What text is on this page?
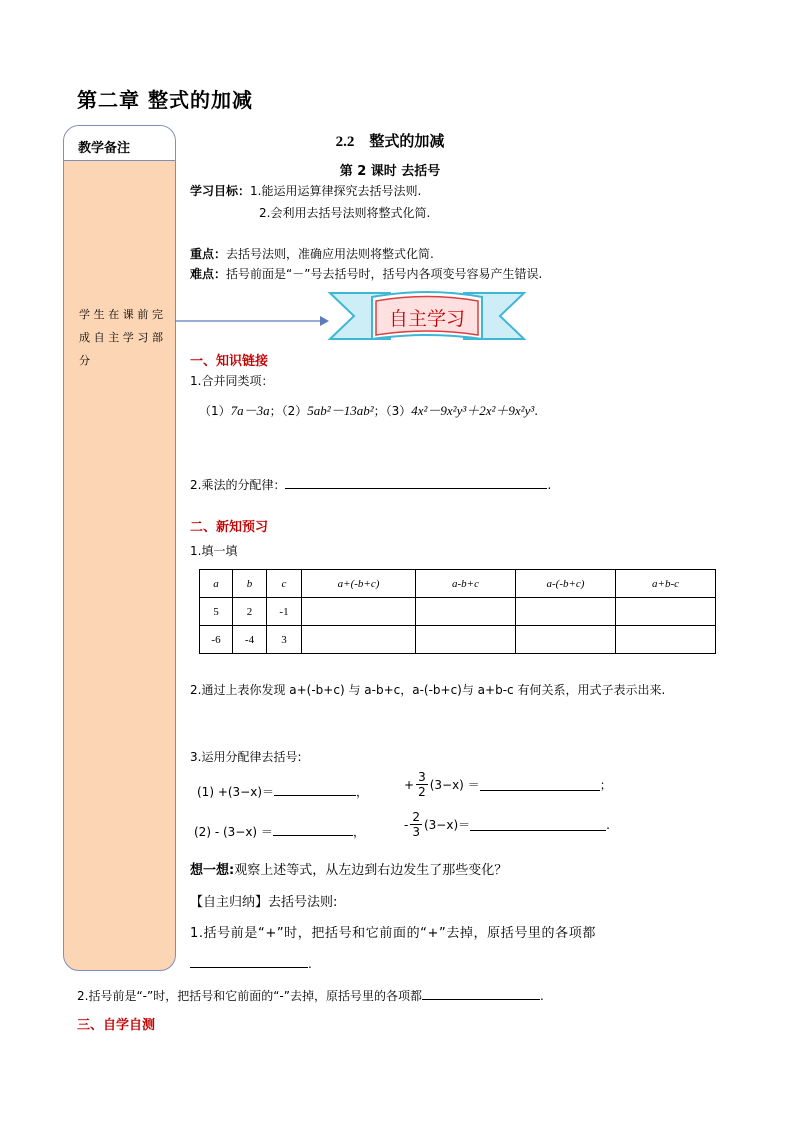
第二章 整式的加减
教学备注
学生在课前完成自主学习部分
2.2　整式的加减
第 2 课时 去括号
学习目标：1.能运用运算律探究去括号法则.
2.会利用去括号法则将整式化简.
重点：去括号法则，准确应用法则将整式化简.
难点：括号前面是“－”号去括号时，括号内各项变号容易产生错误.
自主学习
一、知识链接
1.合并同类项：
（1）7a－3a；（2）5ab²－13ab²；（3）4x²－9x²y³＋2x²＋9x²y³.
2.乘法的分配律：	.
二、新知预习
1.填一填
a	b	c	a+(-b+c)	a-b+c	a-(-b+c)	a+b-c
5	2	-1				
-6	-4	3				
2.通过上表你发现 a+(-b+c) 与 a-b+c，a-(-b+c)与 a+b-c 有何关系，用式子表示出来.
3.运用分配律去括号:
(1) +(3−x)＝	，
+ $\frac{3}{2} (3-x)$ ＝	；
(2) - (3−x) ＝	，
- $\frac{2}{3} (3-x)=$	.
想一想:观察上述等式，从左边到右边发生了那些变化？
【自主归纳】去括号法则:
1.括号前是“+”时，把括号和它前面的“+”去掉，原括号里的各项都
.
2.括号前是“-”时，把括号和它前面的“-”去掉，原括号里的各项都	.
三、自学自测
